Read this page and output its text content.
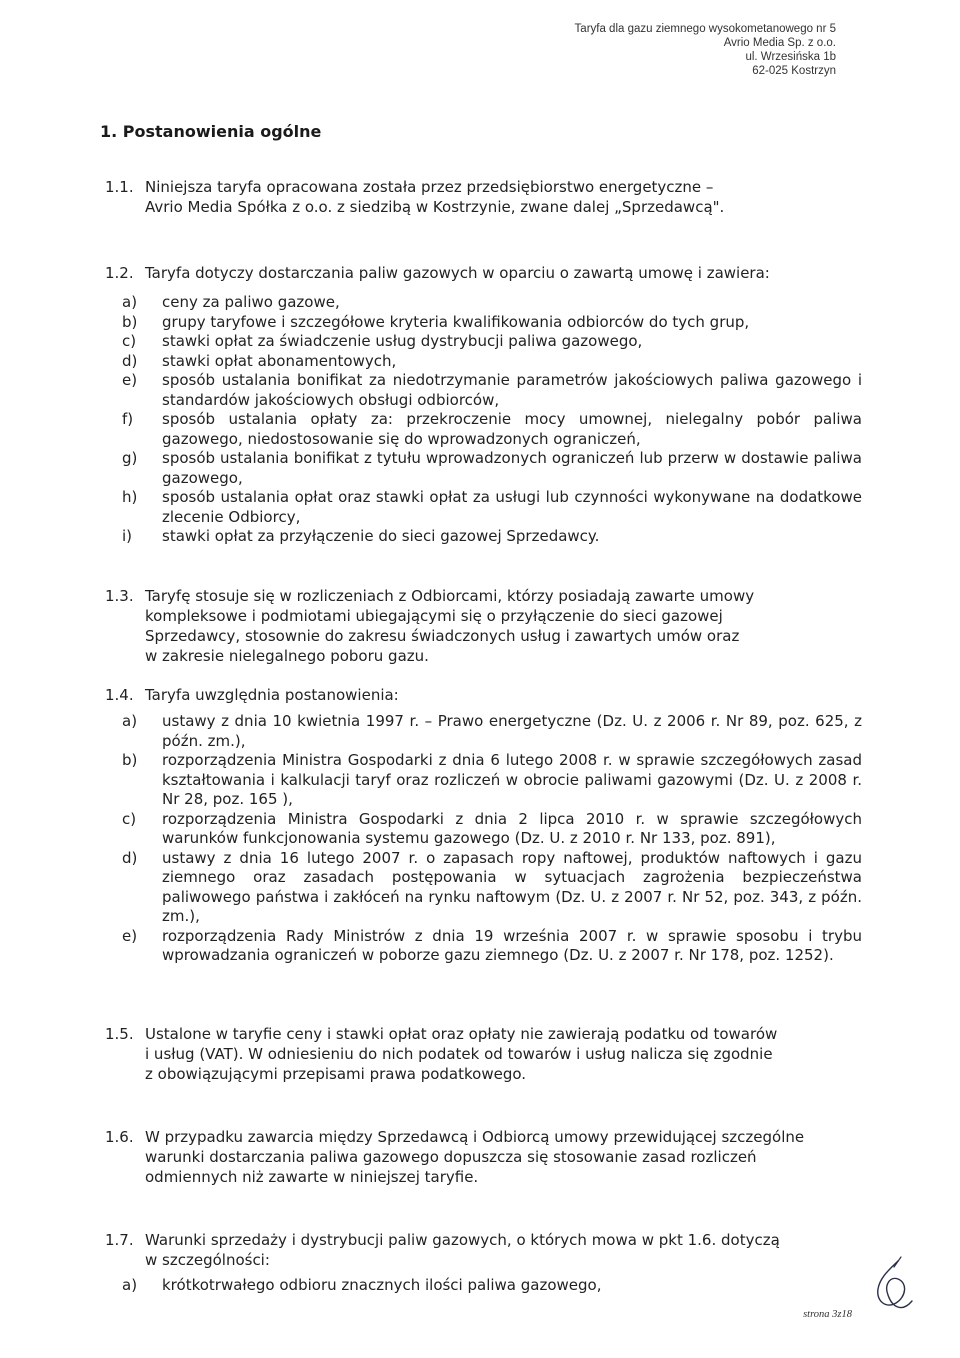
Taryfa dla gazu ziemnego wysokometanowego nr 5
Avrio Media Sp. z o.o.
ul. Wrzesińska 1b
62-025 Kostrzyn
1. Postanowienia ogólne
1.1. Niniejsza taryfa opracowana została przez przedsiębiorstwo energetyczne –
Avrio Media Spółka z o.o. z siedzibą w Kostrzynie, zwane dalej „Sprzedawcą".
1.2. Taryfa dotyczy dostarczania paliw gazowych w oparciu o zawartą umowę i zawiera:
a)	ceny za paliwo gazowe,
b)	grupy taryfowe i szczegółowe kryteria kwalifikowania odbiorców do tych grup,
c)	stawki opłat za świadczenie usług dystrybucji paliwa gazowego,
d)	stawki opłat abonamentowych,
e)	sposób ustalania bonifikat za niedotrzymanie parametrów jakościowych paliwa gazowego i standardów jakościowych obsługi odbiorców,
f)	sposób ustalania opłaty za: przekroczenie mocy umownej, nielegalny pobór paliwa gazowego, niedostosowanie się do wprowadzonych ograniczeń,
g)	sposób ustalania bonifikat z tytułu wprowadzonych ograniczeń lub przerw w dostawie paliwa gazowego,
h)	sposób ustalania opłat oraz stawki opłat za usługi lub czynności wykonywane na dodatkowe zlecenie Odbiorcy,
i)	stawki opłat za przyłączenie do sieci gazowej Sprzedawcy.
1.3. Taryfę stosuje się w rozliczeniach z Odbiorcami, którzy posiadają zawarte umowy
kompleksowe i podmiotami ubiegającymi się o przyłączenie do sieci gazowej
Sprzedawcy, stosownie do zakresu świadczonych usług i zawartych umów oraz
w zakresie nielegalnego poboru gazu.
1.4. Taryfa uwzględnia postanowienia:
a)	ustawy z dnia 10 kwietnia 1997 r. – Prawo energetyczne (Dz. U. z 2006 r. Nr 89, poz. 625, z późn. zm.),
b)	rozporządzenia Ministra Gospodarki z dnia 6 lutego 2008 r. w sprawie szczegółowych zasad kształtowania i kalkulacji taryf oraz rozliczeń w obrocie paliwami gazowymi (Dz. U. z 2008 r. Nr 28, poz. 165 ),
c)	rozporządzenia Ministra Gospodarki z dnia 2 lipca 2010 r. w sprawie szczegółowych warunków funkcjonowania systemu gazowego (Dz. U. z 2010 r. Nr 133, poz. 891),
d)	ustawy z dnia 16 lutego 2007 r. o zapasach ropy naftowej, produktów naftowych i gazu ziemnego oraz zasadach postępowania w sytuacjach zagrożenia bezpieczeństwa paliwowego państwa i zakłóceń na rynku naftowym (Dz. U. z 2007 r. Nr 52, poz. 343, z późn. zm.),
e)	rozporządzenia Rady Ministrów z dnia 19 września 2007 r. w sprawie sposobu i trybu wprowadzania ograniczeń w poborze gazu ziemnego (Dz. U. z 2007 r. Nr 178, poz. 1252).
1.5. Ustalone w taryfie ceny i stawki opłat oraz opłaty nie zawierają podatku od towarów
i usług (VAT). W odniesieniu do nich podatek od towarów i usług nalicza się zgodnie
z obowiązującymi przepisami prawa podatkowego.
1.6. W przypadku zawarcia między Sprzedawcą i Odbiorcą umowy przewidującej szczególne
warunki dostarczania paliwa gazowego dopuszcza się stosowanie zasad rozliczeń
odmiennych niż zawarte w niniejszej taryfie.
1.7. Warunki sprzedaży i dystrybucji paliw gazowych, o których mowa w pkt 1.6. dotyczą
w szczególności:
a)	krótkotrwałego odbioru znacznych ilości paliwa gazowego,
strona 3z18
